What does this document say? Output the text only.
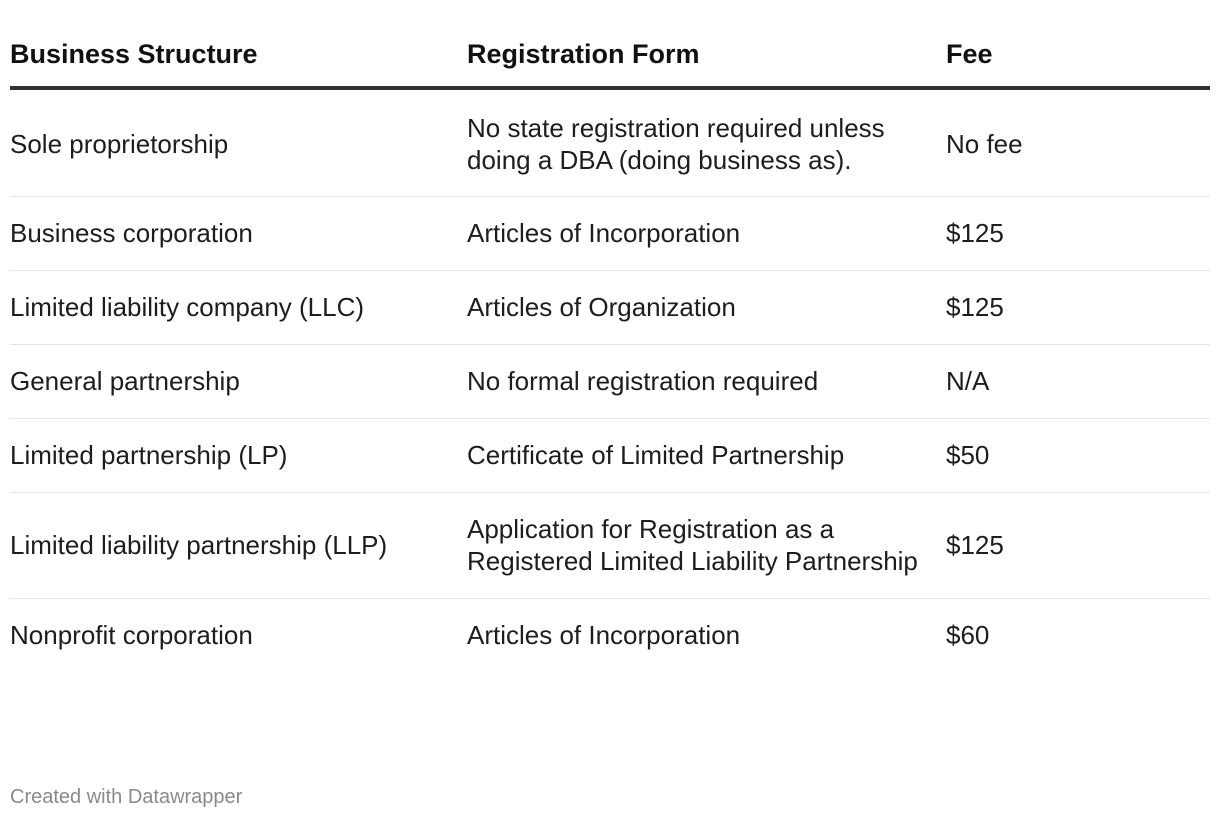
Business Structure	Registration Form	Fee
Sole proprietorship	No state registration required unless doing a DBA (doing business as).	No fee
Business corporation	Articles of Incorporation	$125
Limited liability company (LLC)	Articles of Organization	$125
General partnership	No formal registration required	N/A
Limited partnership (LP)	Certificate of Limited Partnership	$50
Limited liability partnership (LLP)	Application for Registration as a Registered Limited Liability Partnership	$125
Nonprofit corporation	Articles of Incorporation	$60
Created with Datawrapper
